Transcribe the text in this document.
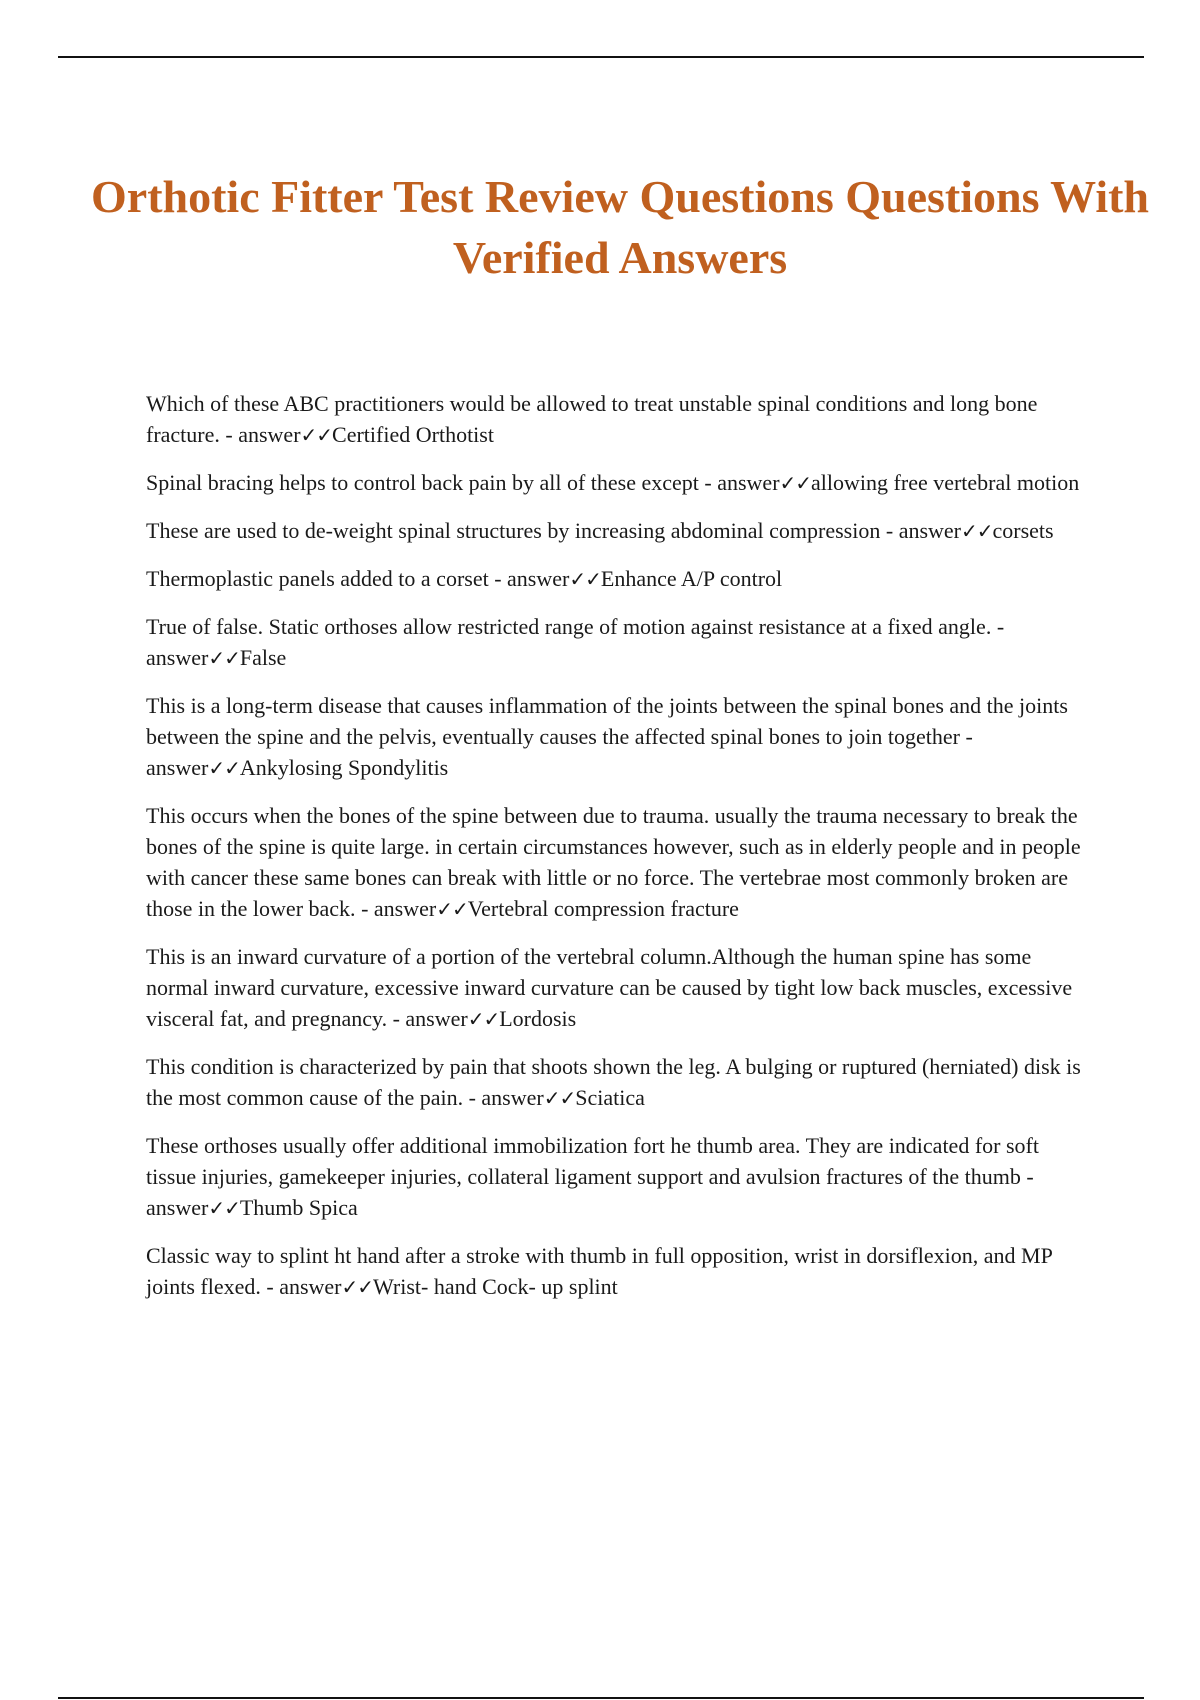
Orthotic Fitter Test Review Questions Questions With Verified Answers
Which of these ABC practitioners would be allowed to treat unstable spinal conditions and long bone fracture. - answer✓✓Certified Orthotist
Spinal bracing helps to control back pain by all of these except - answer✓✓allowing free vertebral motion
These are used to de-weight spinal structures by increasing abdominal compression - answer✓✓corsets
Thermoplastic panels added to a corset - answer✓✓Enhance A/P control
True of false. Static orthoses allow restricted range of motion against resistance at a fixed angle. - answer✓✓False
This is a long-term disease that causes inflammation of the joints between the spinal bones and the joints between the spine and the pelvis, eventually causes the affected spinal bones to join together - answer✓✓Ankylosing Spondylitis
This occurs when the bones of the spine between due to trauma. usually the trauma necessary to break the bones of the spine is quite large. in certain circumstances however, such as in elderly people and in people with cancer these same bones can break with little or no force. The vertebrae most commonly broken are those in the lower back. - answer✓✓Vertebral compression fracture
This is an inward curvature of a portion of the vertebral column.Although the human spine has some normal inward curvature, excessive inward curvature can be caused by tight low back muscles, excessive visceral fat, and pregnancy. - answer✓✓Lordosis
This condition is characterized by pain that shoots shown the leg. A bulging or ruptured (herniated) disk is the most common cause of the pain. - answer✓✓Sciatica
These orthoses usually offer additional immobilization fort he thumb area. They are indicated for soft tissue injuries, gamekeeper injuries, collateral ligament support and avulsion fractures of the thumb - answer✓✓Thumb Spica
Classic way to splint ht hand after a stroke with thumb in full opposition, wrist in dorsiflexion, and MP joints flexed. - answer✓✓Wrist- hand Cock- up splint
